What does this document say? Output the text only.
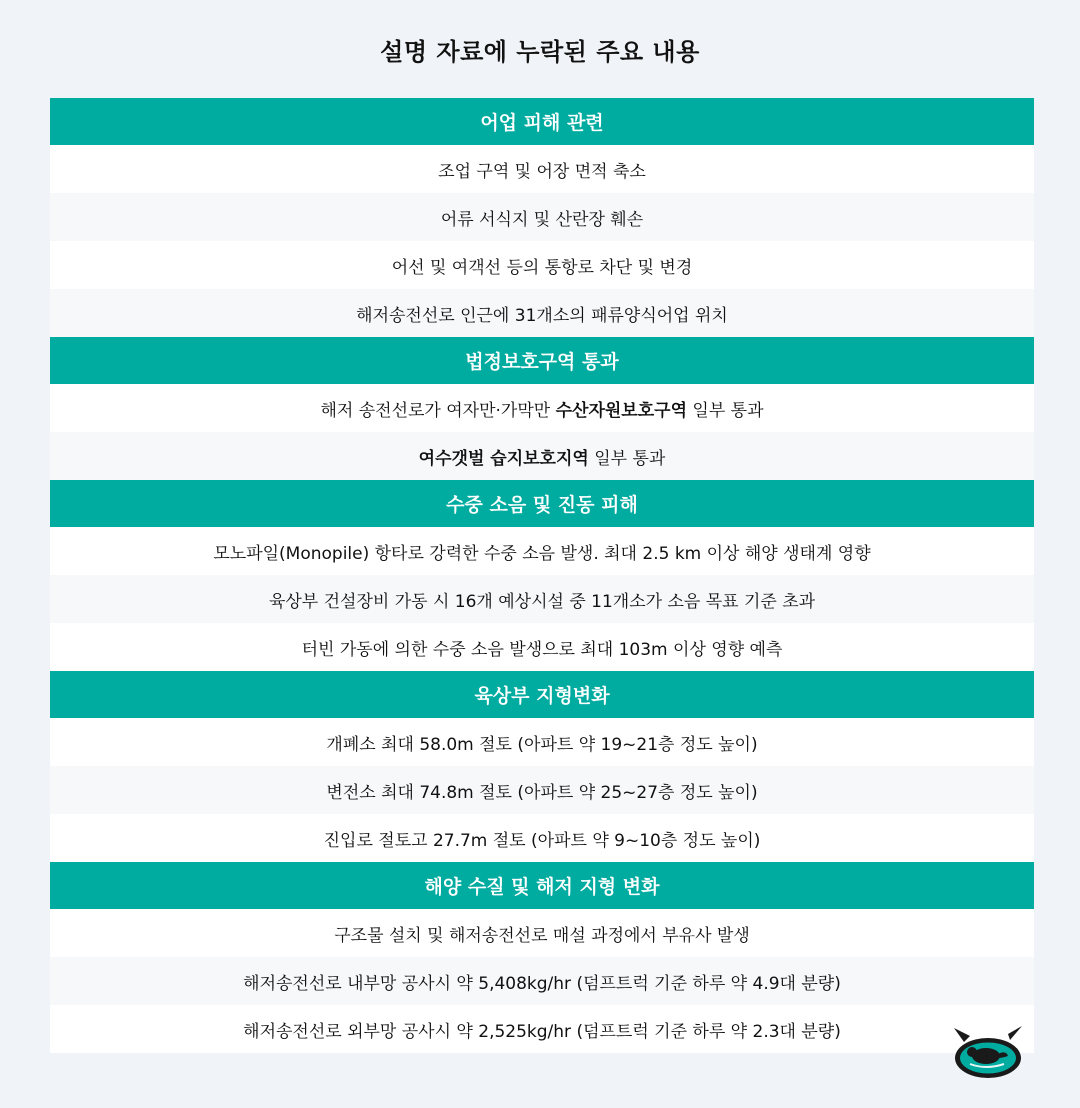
설명 자료에 누락된 주요 내용
어업 피해 관련
조업 구역 및 어장 면적 축소
어류 서식지 및 산란장 훼손
어선 및 여객선 등의 통항로 차단 및 변경
해저송전선로 인근에 31개소의 패류양식어업 위치
법정보호구역 통과
해저 송전선로가 여자만·가막만 수산자원보호구역 일부 통과
여수갯벌 습지보호지역 일부 통과
수중 소음 및 진동 피해
모노파일(Monopile) 항타로 강력한 수중 소음 발생. 최대 2.5 km 이상 해양 생태계 영향
육상부 건설장비 가동 시 16개 예상시설 중 11개소가 소음 목표 기준 초과
터빈 가동에 의한 수중 소음 발생으로 최대 103m 이상 영향 예측
육상부 지형변화
개폐소 최대 58.0m 절토 (아파트 약 19~21층 정도 높이)
변전소 최대 74.8m 절토 (아파트 약 25~27층 정도 높이)
진입로 절토고 27.7m 절토 (아파트 약 9~10층 정도 높이)
해양 수질 및 해저 지형 변화
구조물 설치 및 해저송전선로 매설 과정에서 부유사 발생
해저송전선로 내부망 공사시 약 5,408kg/hr (덤프트럭 기준 하루 약 4.9대 분량)
해저송전선로 외부망 공사시 약 2,525kg/hr (덤프트럭 기준 하루 약 2.3대 분량)
